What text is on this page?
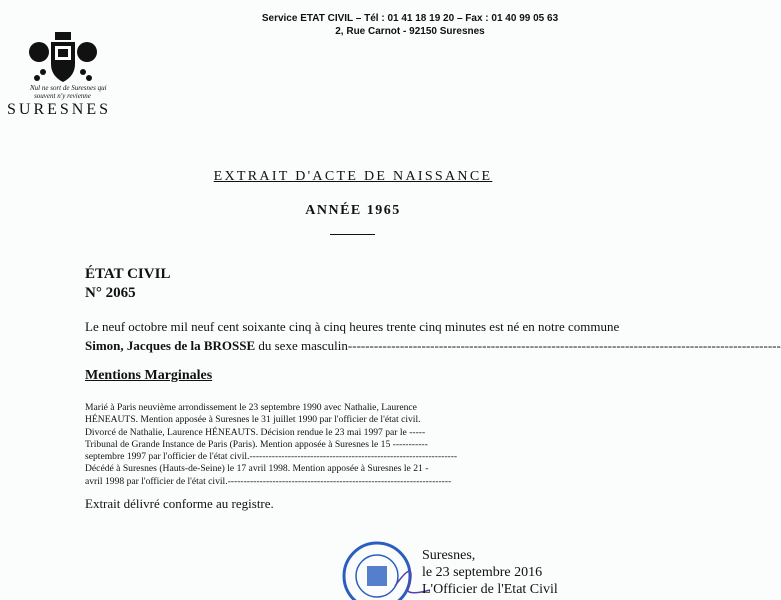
Service ETAT CIVIL – Tél : 01 41 18 19 20 – Fax : 01 40 99 05 63
2, Rue Carnot - 92150 Suresnes
Nul ne sort de Suresnes qui
souvent n'y revienne
SURESNES
EXTRAIT D'ACTE DE NAISSANCE
ANNÉE 1965
ÉTAT CIVIL
N° 2065
Le neuf octobre mil neuf cent soixante cinq à cinq heures trente cinq minutes est né en notre commune
Simon, Jacques de la BROSSE du sexe masculin----------------------------------------------------------------------------------------------------
Mentions Marginales
Marié à Paris neuvième arrondissement le 23 septembre 1990 avec Nathalie, Laurence
HÉNEAUTS. Mention apposée à Suresnes le 31 juillet 1990 par l'officier de l'état civil.
Divorcé de Nathalie, Laurence HÉNEAUTS. Décision rendue le 23 mai 1997 par le -----
Tribunal de Grande Instance de Paris (Paris). Mention apposée à Suresnes le 15 -----------
septembre 1997 par l'officier de l'état civil.-----------------------------------------------------------------
Décédé à Suresnes (Hauts-de-Seine) le 17 avril 1998. Mention apposée à Suresnes le 21 -
avril 1998 par l'officier de l'état civil.----------------------------------------------------------------------
Extrait délivré conforme au registre.
Suresnes,
le 23 septembre 2016
L'Officier de l'Etat Civil
